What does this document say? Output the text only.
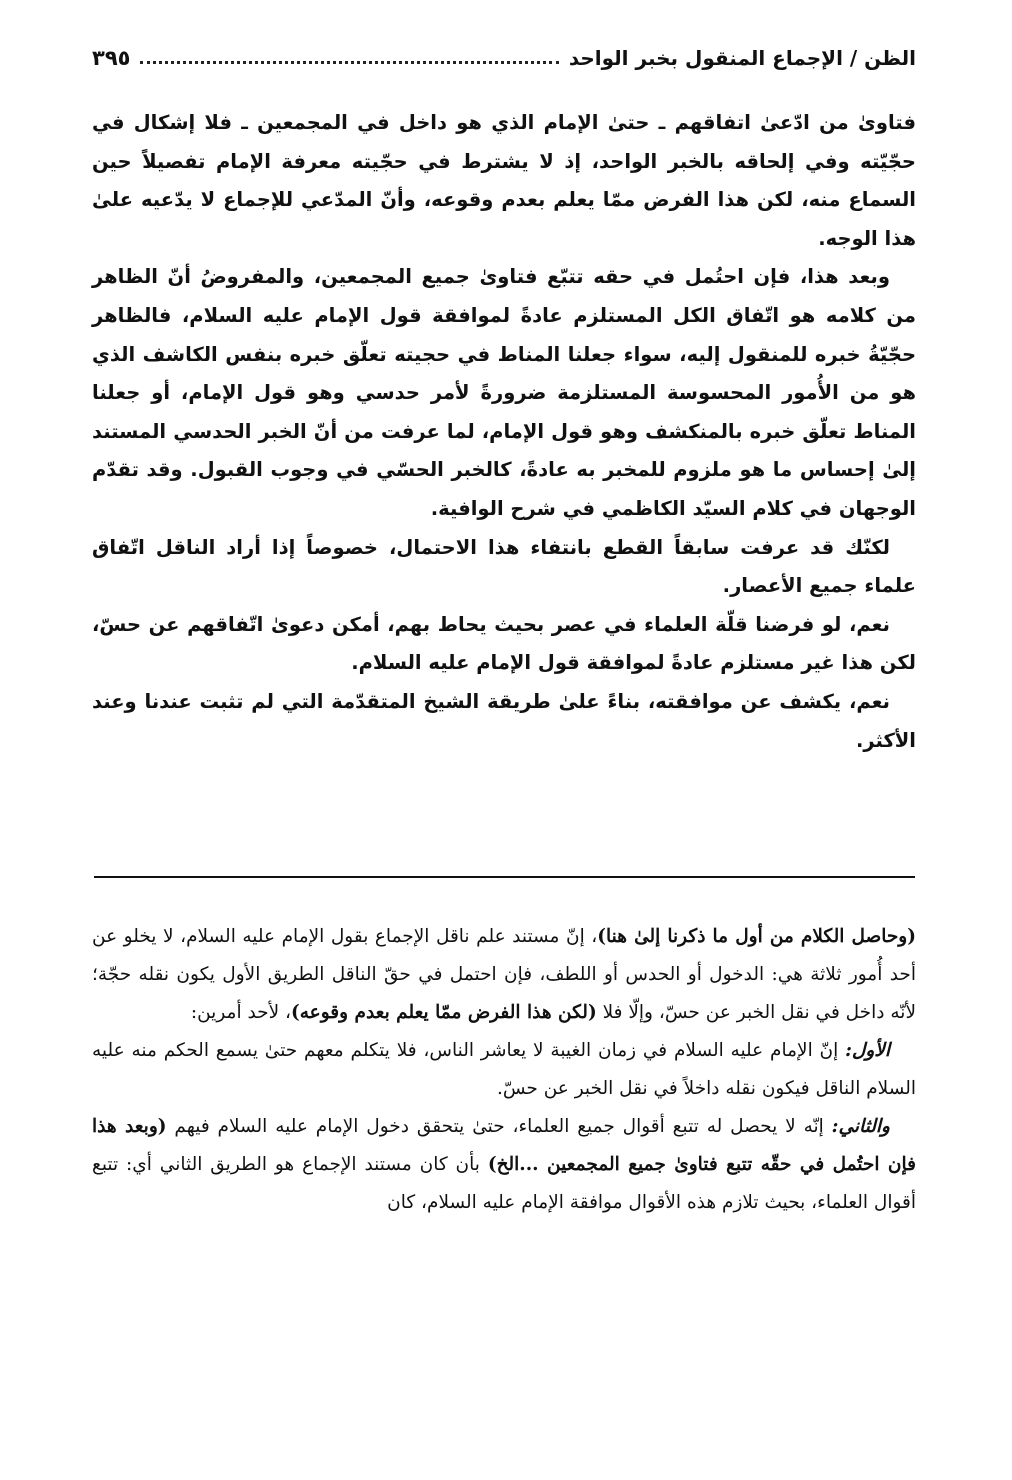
الظن / الإجماع المنقول بخبر الواحد
٣٩٥

فتاوىٰ من ادّعىٰ اتفاقهم ـ حتىٰ الإمام الذي هو داخل في المجمعين ـ فلا إشكال في حجّيّته وفي إلحاقه بالخبر الواحد، إذ لا يشترط في حجّيته معرفة الإمام تفصيلاً حين السماع منه، لكن هذا الفرض ممّا يعلم بعدم وقوعه، وأنّ المدّعي للإجماع لا يدّعيه علىٰ هذا الوجه.

وبعد هذا، فإن احتُمل في حقه تتبّع فتاوىٰ جميع المجمعين، والمفروضُ أنّ الظاهر من كلامه هو اتّفاق الكل المستلزم عادةً لموافقة قول الإمام عليه السلام، فالظاهر حجّيّةُ خبره للمنقول إليه، سواء جعلنا المناط في حجيته تعلّق خبره بنفس الكاشف الذي هو من الأُمور المحسوسة المستلزمة ضرورةً لأمر حدسي وهو قول الإمام، أو جعلنا المناط تعلّق خبره بالمنكشف وهو قول الإمام، لما عرفت من أنّ الخبر الحدسي المستند إلىٰ إحساس ما هو ملزوم للمخبر به عادةً، كالخبر الحسّي في وجوب القبول. وقد تقدّم الوجهان في كلام السيّد الكاظمي في شرح الوافية.

لكنّك قد عرفت سابقاً القطع بانتفاء هذا الاحتمال، خصوصاً إذا أراد الناقل اتّفاق علماء جميع الأعصار.

نعم، لو فرضنا قلّة العلماء في عصر بحيث يحاط بهم، أمكن دعوىٰ اتّفاقهم عن حسّ، لكن هذا غير مستلزم عادةً لموافقة قول الإمام عليه السلام.

نعم، يكشف عن موافقته، بناءً علىٰ طريقة الشيخ المتقدّمة التي لم تثبت عندنا وعند الأكثر.

(وحاصل الكلام من أول ما ذكرنا إلىٰ هنا)، إنّ مستند علم ناقل الإجماع بقول الإمام عليه السلام، لا يخلو عن أحد أُمور ثلاثة هي: الدخول أو الحدس أو اللطف، فإن احتمل في حقّ الناقل الطريق الأول يكون نقله حجّة؛ لأنّه داخل في نقل الخبر عن حسّ، وإلّا فلا (لكن هذا الفرض ممّا يعلم بعدم وقوعه)، لأحد أمرين:

الأول: إنّ الإمام عليه السلام في زمان الغيبة لا يعاشر الناس، فلا يتكلم معهم حتىٰ يسمع الحكم منه عليه السلام الناقل فيكون نقله داخلاً في نقل الخبر عن حسّ.

والثاني: إنّه لا يحصل له تتبع أقوال جميع العلماء، حتىٰ يتحقق دخول الإمام عليه السلام فيهم (وبعد هذا فإن احتُمل في حقّه تتبع فتاوىٰ جميع المجمعين ...الخ) بأن كان مستند الإجماع هو الطريق الثاني أي: تتبع أقوال العلماء، بحيث تلازم هذه الأقوال موافقة الإمام عليه السلام، كان
